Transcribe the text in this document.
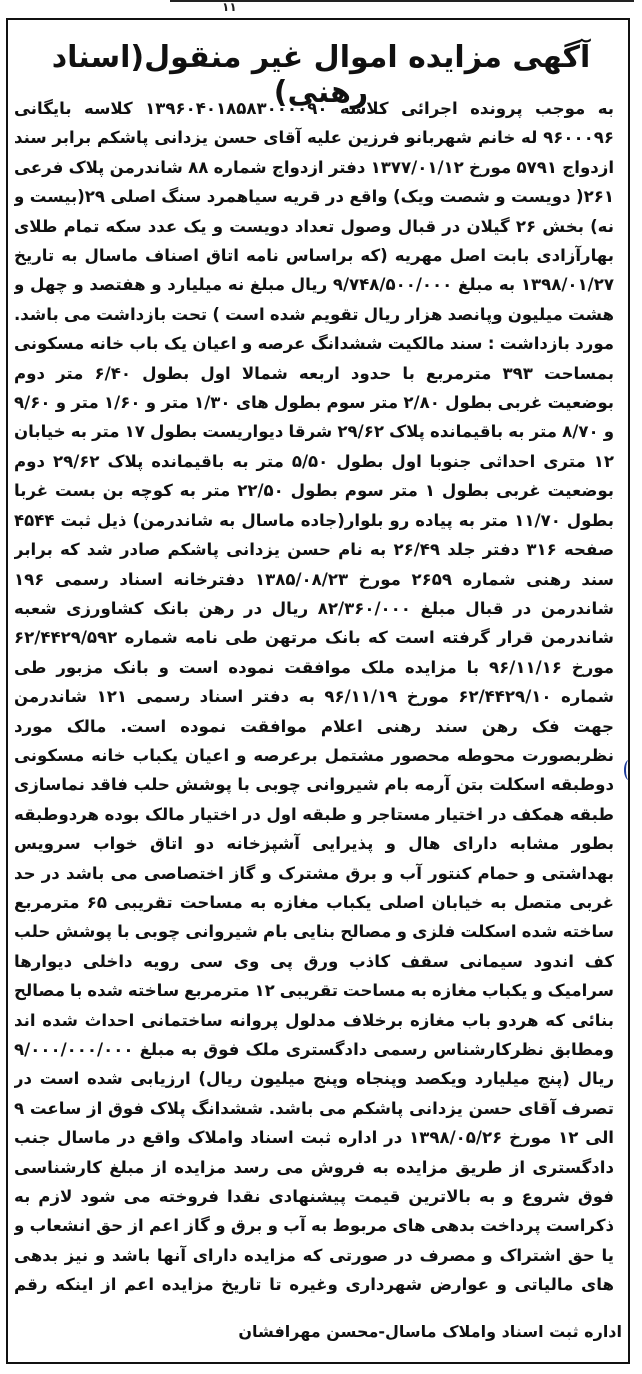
۱۱
آگهی مزایده اموال غیر منقول(اسناد رهنی)	به موجب پرونده اجرائی کلاسه ۱۳۹۶۰۴۰۱۸۵۸۳۰۰۰۰۹۰ کلاسه بایگانی ۹۶۰۰۰۹۶ له خانم شهربانو فرزین علیه آقای حسن یزدانی پاشکم برابر سند ازدواج ۵۷۹۱ مورخ ۱۳۷۷/۰۱/۱۲ دفتر ازدواج شماره ۸۸ شاندرمن پلاک فرعی ۲۶۱( دویست و شصت ویک) واقع در قریه سیاهمرد سنگ اصلی ۲۹(بیست و نه) بخش ۲۶ گیلان در قبال وصول تعداد دویست و یک عدد سکه تمام طلای بهارآزادی بابت اصل مهریه (که براساس نامه اتاق اصناف ماسال به تاریخ ۱۳۹۸/۰۱/۲۷ به مبلغ ۹/۷۴۸/۵۰۰/۰۰۰ ریال مبلغ نه میلیارد و هفتصد و چهل و هشت میلیون وپانصد هزار ریال تقویم شده است ) تحت بازداشت می باشد. مورد بازداشت : سند مالکیت ششدانگ عرصه و اعیان یک باب خانه مسکونی بمساحت ۳۹۳ مترمربع با حدود اربعه شمالا اول بطول ۶/۴۰ متر دوم بوضعیت غربی بطول ۲/۸۰ متر سوم بطول های ۱/۳۰ متر و ۱/۶۰ متر و ۹/۶۰ و ۸/۷۰ متر به باقیمانده پلاک ۲۹/۶۲ شرقا دیواریست بطول ۱۷ متر به خیابان ۱۲ متری احداثی جنوبا اول بطول ۵/۵۰ متر به باقیمانده پلاک ۲۹/۶۲ دوم بوضعیت غربی بطول ۱ متر سوم بطول ۲۲/۵۰ متر به کوچه بن بست غربا بطول ۱۱/۷۰ متر به پیاده رو بلوار(جاده ماسال به شاندرمن) ذیل ثبت ۴۵۴۴ صفحه ۳۱۶ دفتر جلد ۲۶/۴۹ به نام حسن یزدانی پاشکم صادر شد که برابر سند رهنی شماره ۲۶۵۹ مورخ ۱۳۸۵/۰۸/۲۳ دفترخانه اسناد رسمی ۱۹۶ شاندرمن در قبال مبلغ ۸۲/۳۶۰/۰۰۰ ریال در رهن بانک کشاورزی شعبه شاندرمن قرار گرفته است که بانک مرتهن طی نامه شماره ۶۲/۴۴۲۹/۵۹۲ مورخ ۹۶/۱۱/۱۶ با مزایده ملک موافقت نموده است و بانک مزبور طی شماره ۶۲/۴۴۲۹/۱۰ مورخ ۹۶/۱۱/۱۹ به دفتر اسناد رسمی ۱۲۱ شاندرمن جهت فک رهن سند رهنی اعلام موافقت نموده است. مالک مورد نظربصورت محوطه محصور مشتمل برعرصه و اعیان یکباب خانه مسکونی دوطبقه اسکلت بتن آرمه بام شیروانی چوبی با پوشش حلب فاقد نماسازی طبقه همکف در اختیار مستاجر و طبقه اول در اختیار مالک بوده هردوطبقه بطور مشابه دارای هال و پذیرایی آشپزخانه دو اتاق خواب سرویس بهداشتی و حمام کنتور آب و برق مشترک و گاز اختصاصی می باشد در حد غربی متصل به خیابان اصلی یکباب مغازه به مساحت تقریبی ۶۵ مترمربع ساخته شده اسکلت فلزی و مصالح بنایی بام شیروانی چوبی با پوشش حلب کف اندود سیمانی سقف کاذب ورق پی وی سی رویه داخلی دیوارها سرامیک و یکباب مغازه به مساحت تقریبی ۱۲ مترمربع ساخته شده با مصالح بنائی که هردو باب مغازه برخلاف مدلول پروانه ساختمانی احداث شده اند ومطابق نظرکارشناس رسمی دادگستری ملک فوق به مبلغ ۹/۰۰۰/۰۰۰/۰۰۰ ریال (پنج میلیارد ویکصد وپنجاه وپنج میلیون ریال) ارزیابی شده است در تصرف آقای حسن یزدانی پاشکم می باشد. ششدانگ پلاک فوق از ساعت ۹ الی ۱۲ مورخ ۱۳۹۸/۰۵/۲۶ در اداره ثبت اسناد واملاک واقع در ماسال جنب دادگستری از طریق مزایده به فروش می رسد مزایده از مبلغ کارشناسی فوق شروع و به بالاترین قیمت پیشنهادی نقدا فروخته می شود لازم به ذکراست پرداخت بدهی های مربوط به آب و برق و گاز اعم از حق انشعاب و یا حق اشتراک و مصرف در صورتی که مزایده دارای آنها باشد و نیز بدهی های مالیاتی و عوارض شهرداری وغیره تا تاریخ مزایده اعم از اینکه رقم

اداره ثبت اسناد واملاک ماسال-محسن مهرافشان
